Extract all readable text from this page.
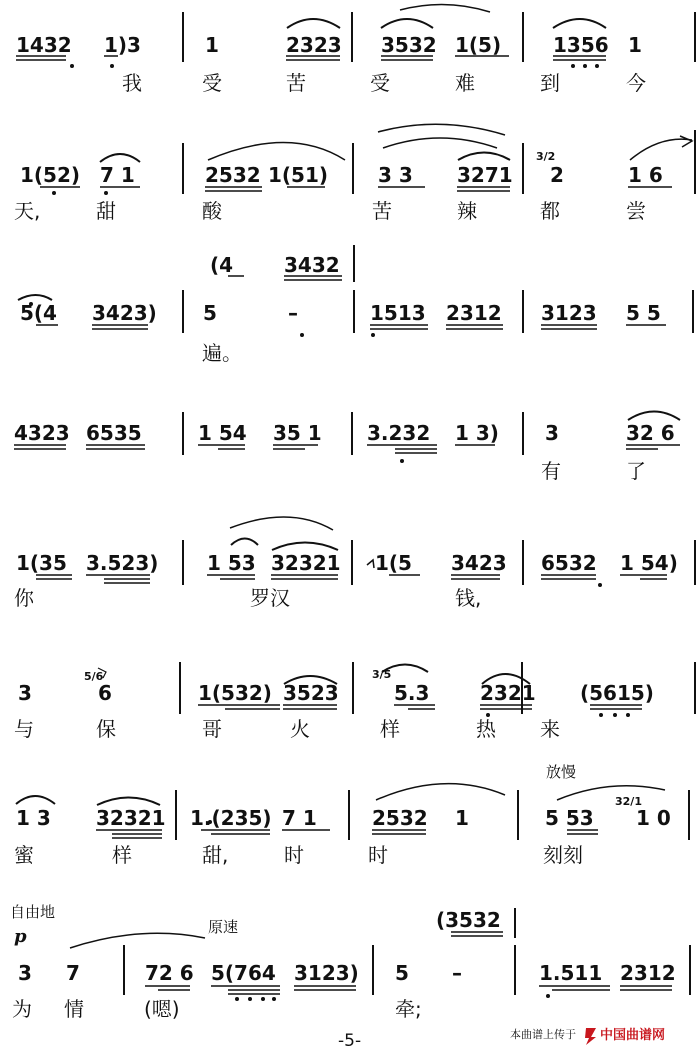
1432 1)3	1	2323 3532 1(5)	1356 1
1(52) 7 1	2532 1(51) 3 3 3271
3/2
2	1 6
(4	3432
5(4 3423) 5	–	1513 2312 3123 5 5
4323 6535	1 54 35 1 3.232 1 3) 3	32 6
1(35 3.523) 1 53 32321 1(5 3423 6532 1 54)
3
5/6
6	1(532) 3523
3/5
5.3	2321 (5615)
1 3 32321 1.(235) 7 1	2532 1	5 53
32/1
1 0
(3532
3 7	72 6 5(764 3123) 5 –	1.511 2312
我	受	苦	受	难	到	今
天,	甜	酸	苦	辣	都	尝
遍。
有	了
你	罗汉	钱,
与	保	哥	火	样	热 来
蜜	样	甜,	时	时	刻刻
为 情	(嗯)	牵;
放慢
自由地
p	原速
-5-	本曲谱上传于 中国曲谱网
